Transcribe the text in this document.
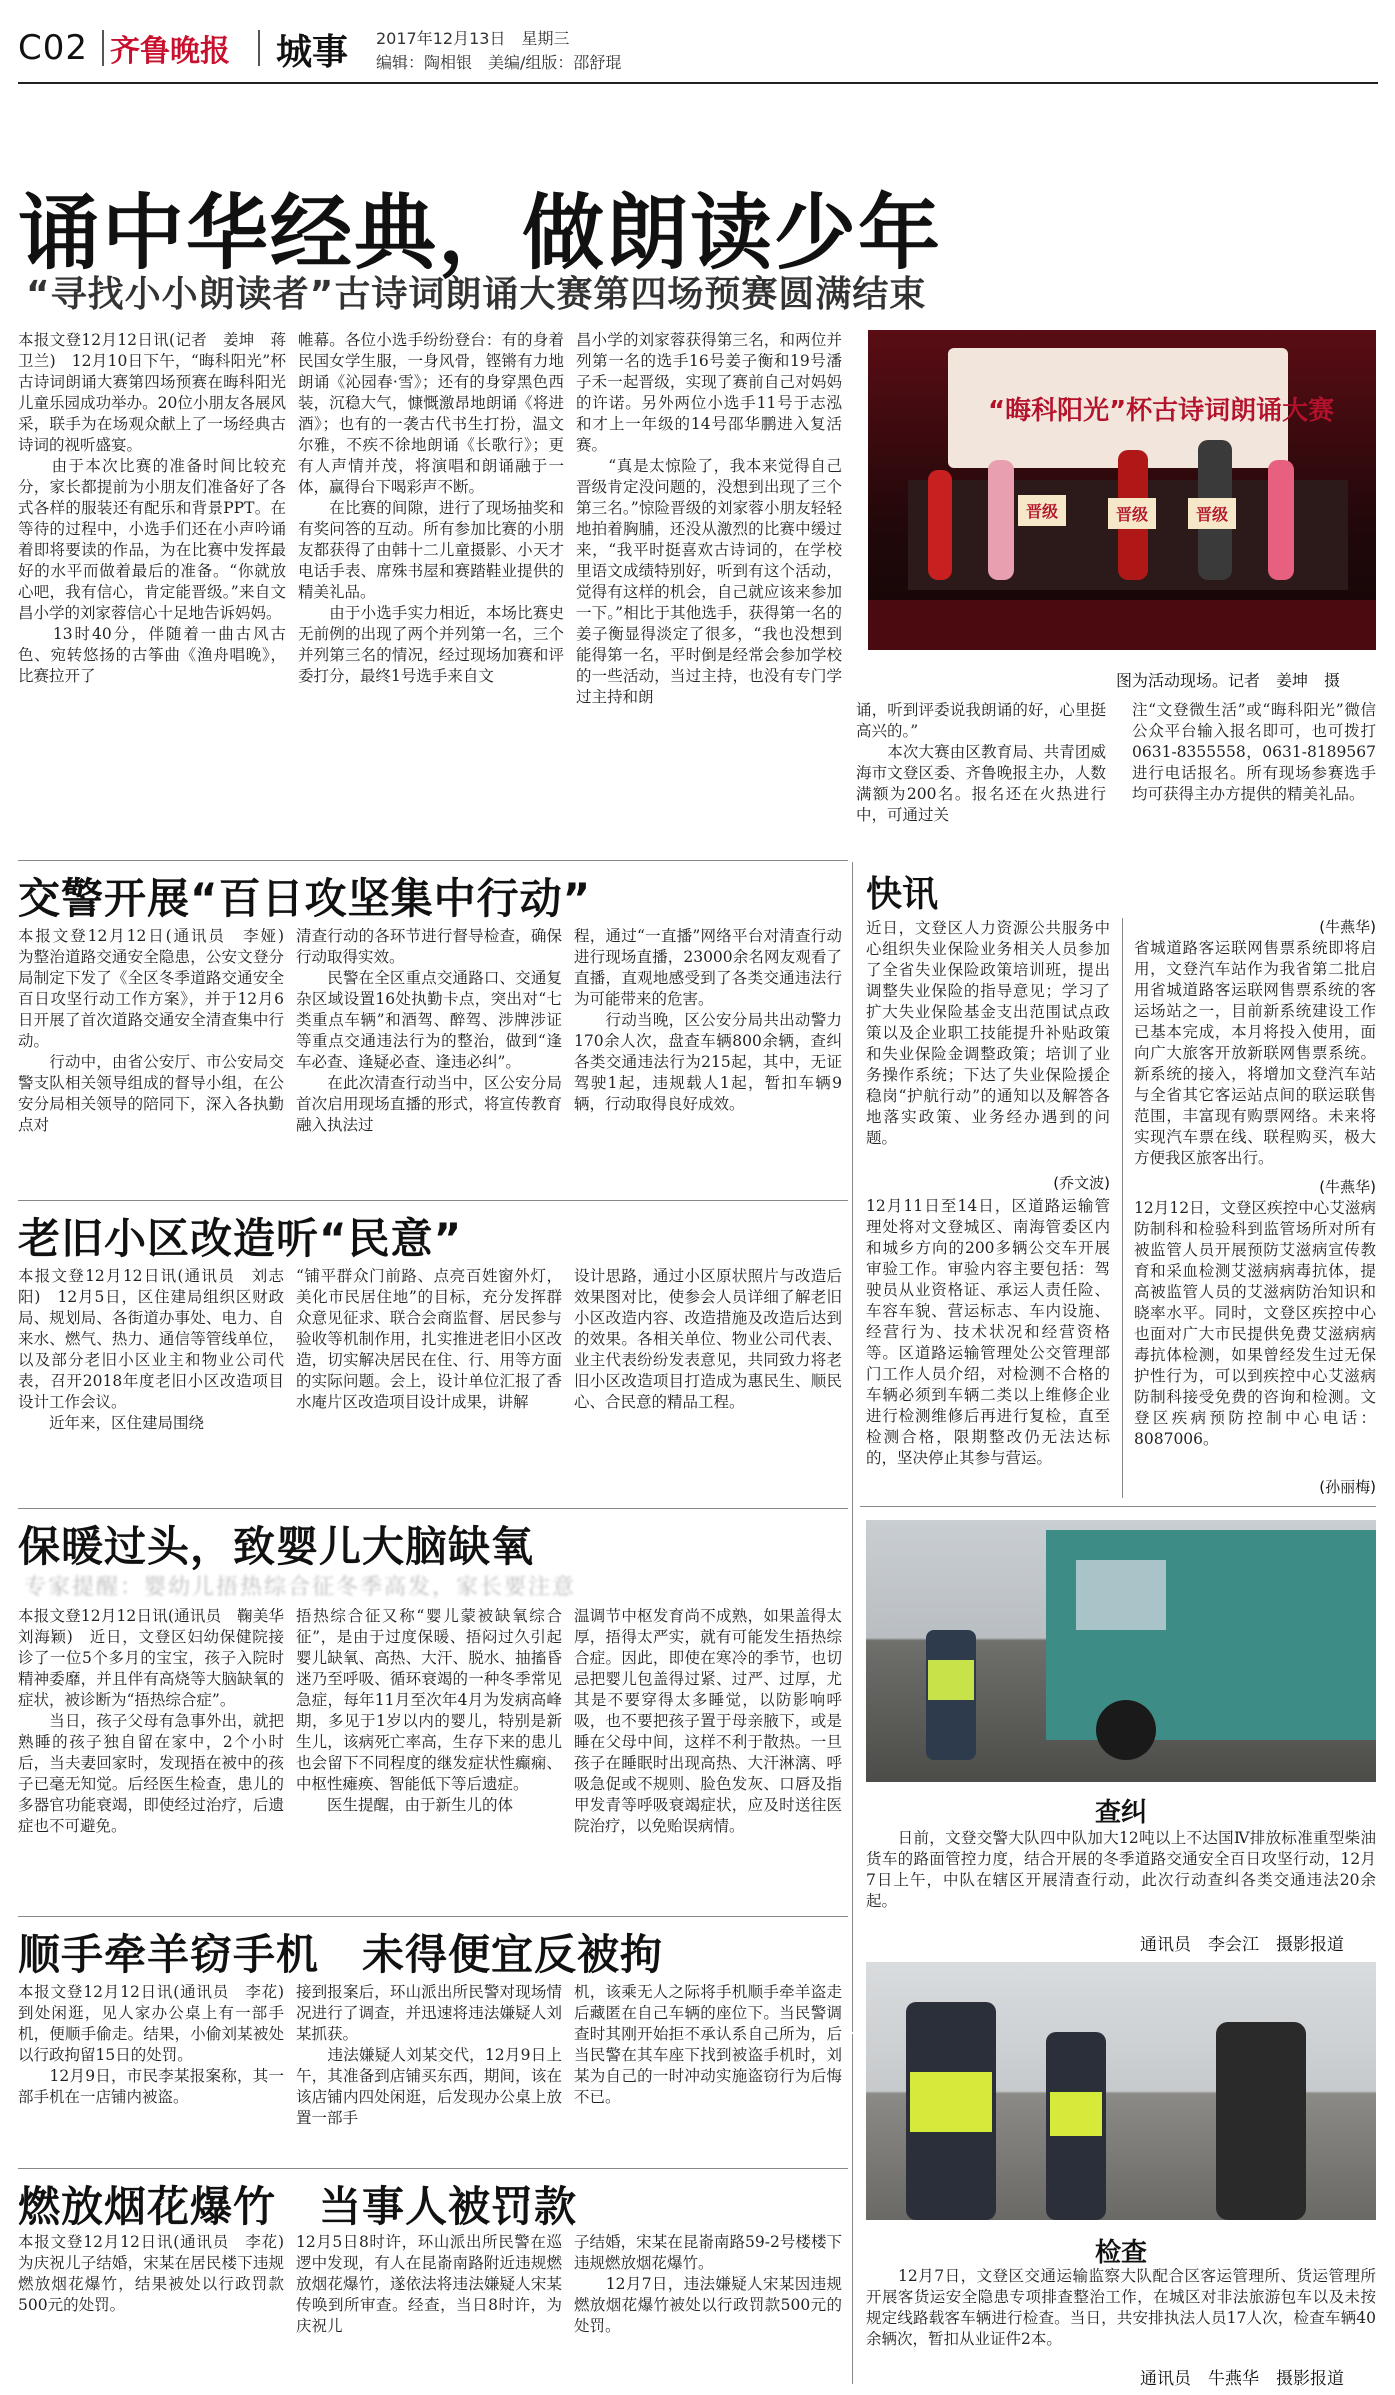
C02 齐鲁晚报 城事 2017年12月13日　星期三
编辑：陶相银　美编/组版：邵舒琨
诵中华经典，做朗读少年
“寻找小小朗读者”古诗词朗诵大赛第四场预赛圆满结束

本报文登12月12日讯(记者　姜坤　蒋卫兰)　12月10日下午，“晦科阳光”杯古诗词朗诵大赛第四场预赛在晦科阳光儿童乐园成功举办。20位小朋友各展风采，联手为在场观众献上了一场经典古诗词的视听盛宴。
　　由于本次比赛的准备时间比较充分，家长都提前为小朋友们准备好了各式各样的服装还有配乐和背景PPT。在等待的过程中，小选手们还在小声吟诵着即将要读的作品，为在比赛中发挥最好的水平而做着最后的准备。“你就放心吧，我有信心，肯定能晋级。”来自文昌小学的刘家蓉信心十足地告诉妈妈。
　　13时40分，伴随着一曲古风古色、宛转悠扬的古筝曲《渔舟唱晚》，比赛拉开了

帷幕。各位小选手纷纷登台：有的身着民国女学生服，一身风骨，铿锵有力地朗诵《沁园春·雪》；还有的身穿黑色西装，沉稳大气，慷慨激昂地朗诵《将进酒》；也有的一袭古代书生打扮，温文尔雅，不疾不徐地朗诵《长歌行》；更有人声情并茂，将演唱和朗诵融于一体，赢得台下喝彩声不断。
　　在比赛的间隙，进行了现场抽奖和有奖问答的互动。所有参加比赛的小朋友都获得了由韩十二儿童摄影、小天才电话手表、席殊书屋和赛踏鞋业提供的精美礼品。
　　由于小选手实力相近，本场比赛史无前例的出现了两个并列第一名，三个并列第三名的情况，经过现场加赛和评委打分，最终1号选手来自文

昌小学的刘家蓉获得第三名，和两位并列第一名的选手16号姜子衡和19号潘子禾一起晋级，实现了赛前自己对妈妈的许诺。另外两位小选手11号于志泓和才上一年级的14号邵华鹏进入复活赛。
　　“真是太惊险了，我本来觉得自己晋级肯定没问题的，没想到出现了三个第三名。”惊险晋级的刘家蓉小朋友轻轻地拍着胸脯，还没从激烈的比赛中缓过来，“我平时挺喜欢古诗词的，在学校里语文成绩特别好，听到有这个活动，觉得有这样的机会，自己就应该来参加一下。”相比于其他选手，获得第一名的姜子衡显得淡定了很多，“我也没想到能得第一名，平时倒是经常会参加学校的一些活动，当过主持，也没有专门学过主持和朗

“晦科阳光”杯古诗词朗诵大赛
晋级	晋级	晋级
图为活动现场。记者　姜坤　摄

诵，听到评委说我朗诵的好，心里挺高兴的。”
　　本次大赛由区教育局、共青团威海市文登区委、齐鲁晚报主办，人数满额为200名。报名还在火热进行中，可通过关

注“文登微生活”或“晦科阳光”微信公众平台输入报名即可，也可拨打0631-8355558，0631-8189567进行电话报名。所有现场参赛选手均可获得主办方提供的精美礼品。

交警开展“百日攻坚集中行动”

本报文登12月12日(通讯员　李娅)　为整治道路交通安全隐患，公安文登分局制定下发了《全区冬季道路交通安全百日攻坚行动工作方案》，并于12月6日开展了首次道路交通安全清查集中行动。
　　行动中，由省公安厅、市公安局交警支队相关领导组成的督导小组，在公安分局相关领导的陪同下，深入各执勤点对

清查行动的各环节进行督导检查，确保行动取得实效。
　　民警在全区重点交通路口、交通复杂区域设置16处执勤卡点，突出对“七类重点车辆”和酒驾、醉驾、涉牌涉证等重点交通违法行为的整治，做到“逢车必查、逢疑必查、逢违必纠”。
　　在此次清查行动当中，区公安分局首次启用现场直播的形式，将宣传教育融入执法过

程，通过“一直播”网络平台对清查行动进行现场直播，23000余名网友观看了直播，直观地感受到了各类交通违法行为可能带来的危害。
　　行动当晚，区公安分局共出动警力170余人次，盘查车辆800余辆，查纠各类交通违法行为215起，其中，无证驾驶1起，违规载人1起，暂扣车辆9辆，行动取得良好成效。

老旧小区改造听“民意”

本报文登12月12日讯(通讯员　刘志阳)　12月5日，区住建局组织区财政局、规划局、各街道办事处、电力、自来水、燃气、热力、通信等管线单位，以及部分老旧小区业主和物业公司代表，召开2018年度老旧小区改造项目设计工作会议。
　　近年来，区住建局围绕

“铺平群众门前路、点亮百姓窗外灯，美化市民居住地”的目标，充分发挥群众意见征求、联合会商监督、居民参与验收等机制作用，扎实推进老旧小区改造，切实解决居民在住、行、用等方面的实际问题。会上，设计单位汇报了香水庵片区改造项目设计成果，讲解

设计思路，通过小区原状照片与改造后效果图对比，使参会人员详细了解老旧小区改造内容、改造措施及改造后达到的效果。各相关单位、物业公司代表、业主代表纷纷发表意见，共同致力将老旧小区改造项目打造成为惠民生、顺民心、合民意的精品工程。

保暖过头，致婴儿大脑缺氧
专家提醒：婴幼儿捂热综合征冬季高发，家长要注意

本报文登12月12日讯(通讯员　鞠美华　刘海颖)　近日，文登区妇幼保健院接诊了一位5个多月的宝宝，孩子入院时精神委靡，并且伴有高烧等大脑缺氧的症状，被诊断为“捂热综合症”。
　　当日，孩子父母有急事外出，就把熟睡的孩子独自留在家中，2个小时后，当夫妻回家时，发现捂在被中的孩子已毫无知觉。后经医生检查，患儿的多器官功能衰竭，即使经过治疗，后遗症也不可避免。

捂热综合征又称“婴儿蒙被缺氧综合征”，是由于过度保暖、捂闷过久引起婴儿缺氧、高热、大汗、脱水、抽搐昏迷乃至呼吸、循环衰竭的一种冬季常见急症，每年11月至次年4月为发病高峰期，多见于1岁以内的婴儿，特别是新生儿，该病死亡率高，生存下来的患儿也会留下不同程度的继发症状性癫痫、中枢性瘫痪、智能低下等后遗症。
　　医生提醒，由于新生儿的体

温调节中枢发育尚不成熟，如果盖得太厚，捂得太严实，就有可能发生捂热综合症。因此，即使在寒冷的季节，也切忌把婴儿包盖得过紧、过严、过厚，尤其是不要穿得太多睡觉，以防影响呼吸，也不要把孩子置于母亲腋下，或是睡在父母中间，这样不利于散热。一旦孩子在睡眠时出现高热、大汗淋漓、呼吸急促或不规则、脸色发灰、口唇及指甲发青等呼吸衰竭症状，应及时送往医院治疗，以免贻误病情。

顺手牵羊窃手机　未得便宜反被拘

本报文登12月12日讯(通讯员　李花)　到处闲逛，见人家办公桌上有一部手机，便顺手偷走。结果，小偷刘某被处以行政拘留15日的处罚。
　　12月9日，市民李某报案称，其一部手机在一店铺内被盗。

接到报案后，环山派出所民警对现场情况进行了调查，并迅速将违法嫌疑人刘某抓获。
　　违法嫌疑人刘某交代，12月9日上午，其准备到店铺买东西，期间，该在该店铺内四处闲逛，后发现办公桌上放置一部手

机，该乘无人之际将手机顺手牵羊盗走后藏匿在自己车辆的座位下。当民警调查时其刚开始拒不承认系自己所为，后当民警在其车座下找到被盗手机时，刘某为自己的一时冲动实施盗窃行为后悔不已。

燃放烟花爆竹　当事人被罚款

本报文登12月12日讯(通讯员　李花)　为庆祝儿子结婚，宋某在居民楼下违规燃放烟花爆竹，结果被处以行政罚款500元的处罚。

12月5日8时许，环山派出所民警在巡逻中发现，有人在昆嵛南路附近违规燃放烟花爆竹，遂依法将违法嫌疑人宋某传唤到所审查。经查，当日8时许，为庆祝儿

子结婚，宋某在昆嵛南路59-2号楼楼下违规燃放烟花爆竹。
　　12月7日，违法嫌疑人宋某因违规燃放烟花爆竹被处以行政罚款500元的处罚。

快讯
(牛燕华)

近日，文登区人力资源公共服务中心组织失业保险业务相关人员参加了全省失业保险政策培训班，提出调整失业保险的指导意见；学习了扩大失业保险基金支出范围试点政策以及企业职工技能提升补贴政策和失业保险金调整政策；培训了业务操作系统；下达了失业保险援企稳岗“护航行动”的通知以及解答各地落实政策、业务经办遇到的问题。

(乔文波)

12月11日至14日，区道路运输管理处将对文登城区、南海管委区内和城乡方向的200多辆公交车开展审验工作。审验内容主要包括：驾驶员从业资格证、承运人责任险、车容车貌、营运标志、车内设施、经营行为、技术状况和经营资格等。区道路运输管理处公交管理部门工作人员介绍，对检测不合格的车辆必须到车辆二类以上维修企业进行检测维修后再进行复检，直至检测合格，限期整改仍无法达标的，坚决停止其参与营运。

省城道路客运联网售票系统即将启用，文登汽车站作为我省第二批启用省城道路客运联网售票系统的客运场站之一，目前新系统建设工作已基本完成，本月将投入使用，面向广大旅客开放新联网售票系统。新系统的接入，将增加文登汽车站与全省其它客运站点间的联运联售范围，丰富现有购票网络。未来将实现汽车票在线、联程购买，极大方便我区旅客出行。

(牛燕华)

12月12日，文登区疾控中心艾滋病防制科和检验科到监管场所对所有被监管人员开展预防艾滋病宣传教育和采血检测艾滋病病毒抗体，提高被监管人员的艾滋病防治知识和晓率水平。同时，文登区疾控中心也面对广大市民提供免费艾滋病病毒抗体检测，如果曾经发生过无保护性行为，可以到疾控中心艾滋病防制科接受免费的咨询和检测。文登区疾病预防控制中心电话：8087006。

(孙丽梅)
查纠

　　日前，文登交警大队四中队加大12吨以上不达国Ⅳ排放标准重型柴油货车的路面管控力度，结合开展的冬季道路交通安全百日攻坚行动，12月7日上午，中队在辖区开展清查行动，此次行动查纠各类交通违法20余起。

通讯员　李会江　摄影报道
检查

　　12月7日，文登区交通运输监察大队配合区客运管理所、货运管理所开展客货运安全隐患专项排查整治工作，在城区对非法旅游包车以及未按规定线路载客车辆进行检查。当日，共安排执法人员17人次，检查车辆40余辆次，暂扣从业证件2本。

通讯员　牛燕华　摄影报道
